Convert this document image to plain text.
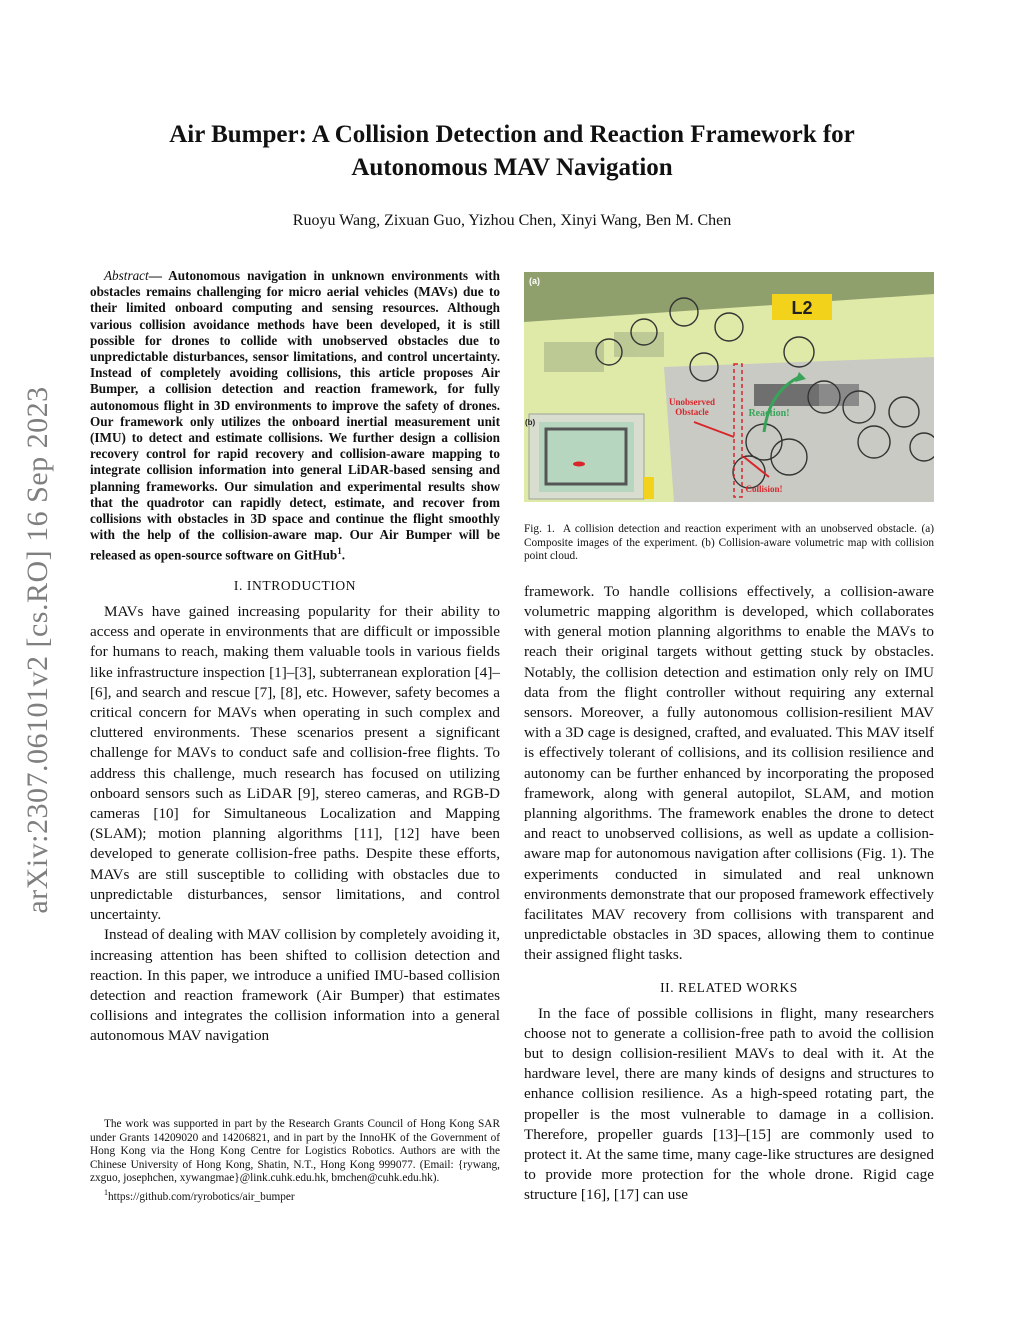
arXiv:2307.06101v2 [cs.RO] 16 Sep 2023
Air Bumper: A Collision Detection and Reaction Framework for
Autonomous MAV Navigation
Ruoyu Wang, Zixuan Guo, Yizhou Chen, Xinyi Wang, Ben M. Chen

Abstract— Autonomous navigation in unknown environments with obstacles remains challenging for micro aerial vehicles (MAVs) due to their limited onboard computing and sensing resources. Although various collision avoidance methods have been developed, it is still possible for drones to collide with unobserved obstacles due to unpredictable disturbances, sensor limitations, and control uncertainty. Instead of completely avoiding collisions, this article proposes Air Bumper, a collision detection and reaction framework, for fully autonomous flight in 3D environments to improve the safety of drones. Our framework only utilizes the onboard inertial measurement unit (IMU) to detect and estimate collisions. We further design a collision recovery control for rapid recovery and collision-aware mapping to integrate collision information into general LiDAR-based sensing and planning frameworks. Our simulation and experimental results show that the quadrotor can rapidly detect, estimate, and recover from collisions with obstacles in 3D space and continue the flight smoothly with the help of the collision-aware map. Our Air Bumper will be released as open-source software on GitHub$^1$.

I. INTRODUCTION

MAVs have gained increasing popularity for their ability to access and operate in environments that are difficult or impossible for humans to reach, making them valuable tools in various fields like infrastructure inspection [1]–[3], subterranean exploration [4]–[6], and search and rescue [7], [8], etc. However, safety becomes a critical concern for MAVs when operating in such complex and cluttered environments. These scenarios present a significant challenge for MAVs to conduct safe and collision-free flights. To address this challenge, much research has focused on utilizing onboard sensors such as LiDAR [9], stereo cameras, and RGB-D cameras [10] for Simultaneous Localization and Mapping (SLAM); motion planning algorithms [11], [12] have been developed to generate collision-free paths. Despite these efforts, MAVs are still susceptible to colliding with obstacles due to unpredictable disturbances, sensor limitations, and control uncertainty.

Instead of dealing with MAV collision by completely avoiding it, increasing attention has been shifted to collision detection and reaction. In this paper, we introduce a unified IMU-based collision detection and reaction framework (Air Bumper) that estimates collisions and integrates the collision information into a general autonomous MAV navigation

The work was supported in part by the Research Grants Council of Hong Kong SAR under Grants 14209020 and 14206821, and in part by the InnoHK of the Government of Hong Kong via the Hong Kong Centre for Logistics Robotics. Authors are with the Chinese University of Hong Kong, Shatin, N.T., Hong Kong 999077. (Email: {rywang, zxguo, josephchen, xywangmae}@link.cuhk.edu.hk, bmchen@cuhk.edu.hk).

$^1$https://github.com/ryrobotics/air_bumper

L2
Unobserved
Obstacle	Reaction!
Collision!
(a)
(b)
Fig. 1. A collision detection and reaction experiment with an unobserved obstacle. (a) Composite images of the experiment. (b) Collision-aware volumetric map with collision point cloud.

framework. To handle collisions effectively, a collision-aware volumetric mapping algorithm is developed, which collaborates with general motion planning algorithms to enable the MAVs to reach their original targets without getting stuck by obstacles. Notably, the collision detection and estimation only rely on IMU data from the flight controller without requiring any external sensors. Moreover, a fully autonomous collision-resilient MAV with a 3D cage is designed, crafted, and evaluated. This MAV itself is effectively tolerant of collisions, and its collision resilience and autonomy can be further enhanced by incorporating the proposed framework, along with general autopilot, SLAM, and motion planning algorithms. The framework enables the drone to detect and react to unobserved collisions, as well as update a collision-aware map for autonomous navigation after collisions (Fig. 1). The experiments conducted in simulated and real unknown environments demonstrate that our proposed framework effectively facilitates MAV recovery from collisions with transparent and unpredictable obstacles in 3D spaces, allowing them to continue their assigned flight tasks.

II. RELATED WORKS

In the face of possible collisions in flight, many researchers choose not to generate a collision-free path to avoid the collision but to design collision-resilient MAVs to deal with it. At the hardware level, there are many kinds of designs and structures to enhance collision resilience. As a high-speed rotating part, the propeller is the most vulnerable to damage in a collision. Therefore, propeller guards [13]–[15] are commonly used to protect it. At the same time, many cage-like structures are designed to provide more protection for the whole drone. Rigid cage structure [16], [17] can use
